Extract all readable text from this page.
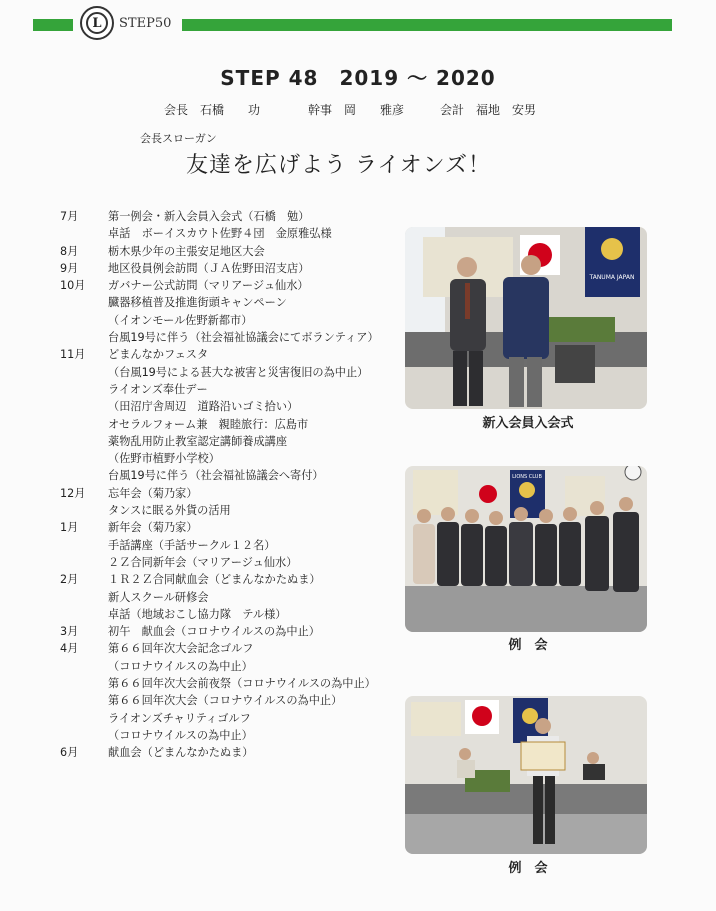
L	STEP50
STEP 48　2019 ～ 2020
会長　石橋　　功　　　　幹事　岡　　雅彦　　　会計　福地　安男
会長スローガン
友達を広げよう ライオンズ！
7月	第一例会・新入会員入会式（石橋　勉）
卓話　ボーイスカウト佐野４団　金原雅弘様
8月	栃木県少年の主張安足地区大会
9月	地区役員例会訪問（ＪＡ佐野田沼支店）
10月	ガバナー公式訪問（マリアージュ仙水）
臓器移植普及推進街頭キャンペーン
（イオンモール佐野新都市）
台風19号に伴う（社会福祉協議会にてボランティア）
11月	どまんなかフェスタ
（台風19号による甚大な被害と災害復旧の為中止）
ライオンズ奉仕デー
（田沼庁舎周辺　道路沿いゴミ拾い）
オセラルフォーム兼　親睦旅行：広島市
薬物乱用防止教室認定講師養成講座
（佐野市植野小学校）
台風19号に伴う（社会福祉協議会へ寄付）
12月	忘年会（菊乃家）
タンスに眠る外貨の活用
1月	新年会（菊乃家）
手話講座（手話サークル１２名）
２Ｚ合同新年会（マリアージュ仙水）
2月	１Ｒ２Ｚ合同献血会（どまんなかたぬま）
新人スクール研修会
卓話（地域おこし協力隊　テル様）
3月	初午　献血会（コロナウイルスの為中止）
4月	第６６回年次大会記念ゴルフ
（コロナウイルスの為中止）
第６６回年次大会前夜祭（コロナウイルスの為中止）
第６６回年次大会（コロナウイルスの為中止）
ライオンズチャリティゴルフ
（コロナウイルスの為中止）
6月	献血会（どまんなかたぬま）
TANUMA JAPAN
新入会員入会式
LIONS CLUB
例　会
例　会
